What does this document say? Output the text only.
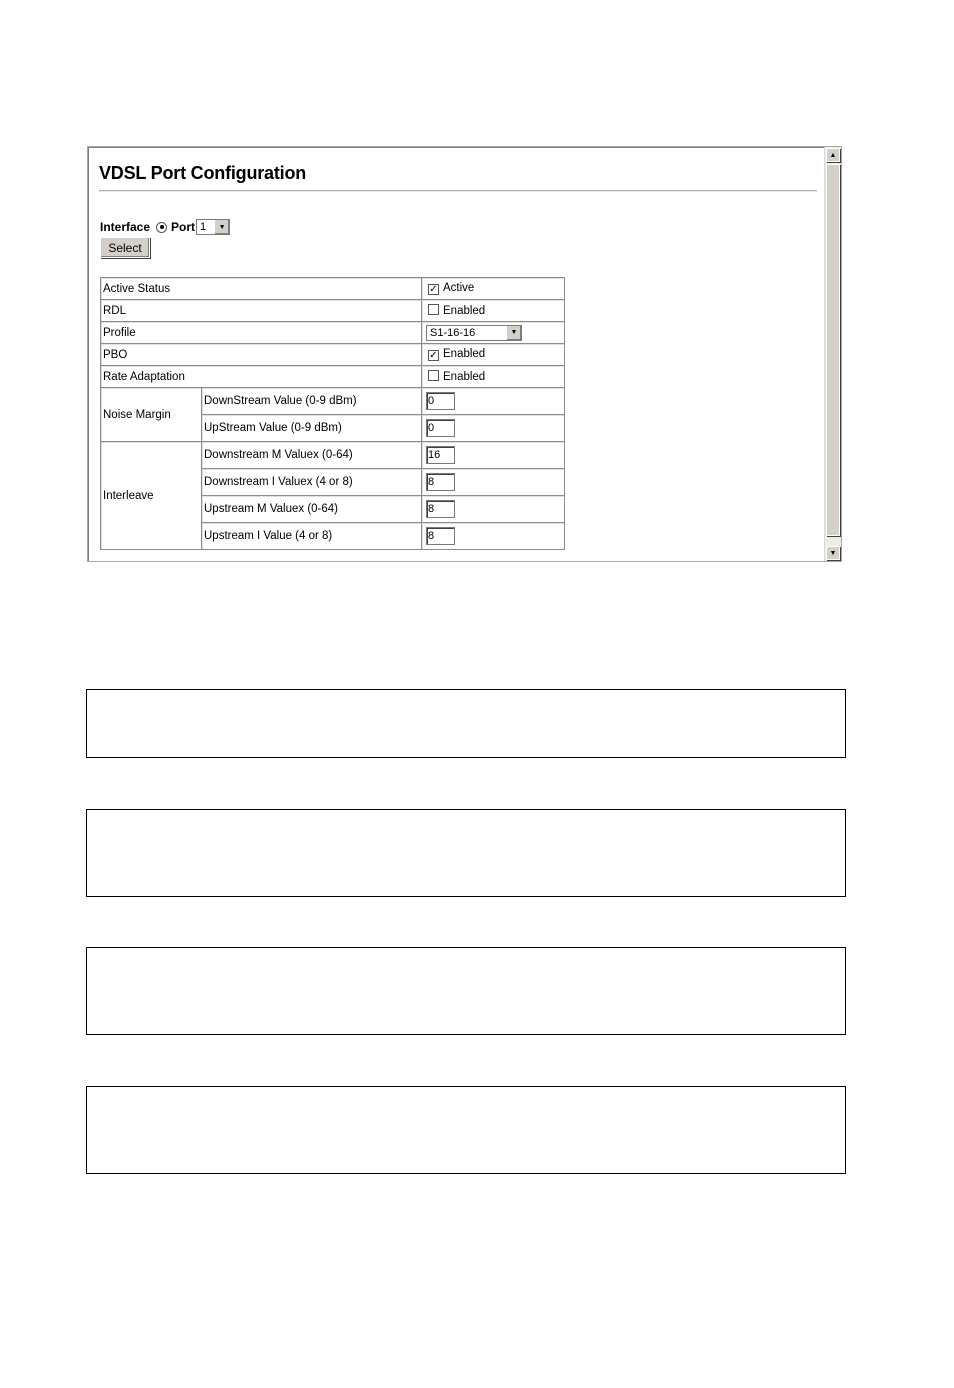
VDSL Port Configuration
Interface Port 1	▼
Select
Active Status		✓ Active
RDL		Enabled
Profile		S1-16-16 ▼

PBO		✓ Enabled
Rate Adaptation		Enabled
Noise Margin	DownStream Value (0-9 dBm)	0
	UpStream Value (0-9 dBm)	0
Interleave	Downstream M Valuex (0-64)	16
	Downstream I Valuex (4 or 8)	8
	Upstream M Valuex (0-64)	8
	Upstream I Value (4 or 8)	8
▲
▼
